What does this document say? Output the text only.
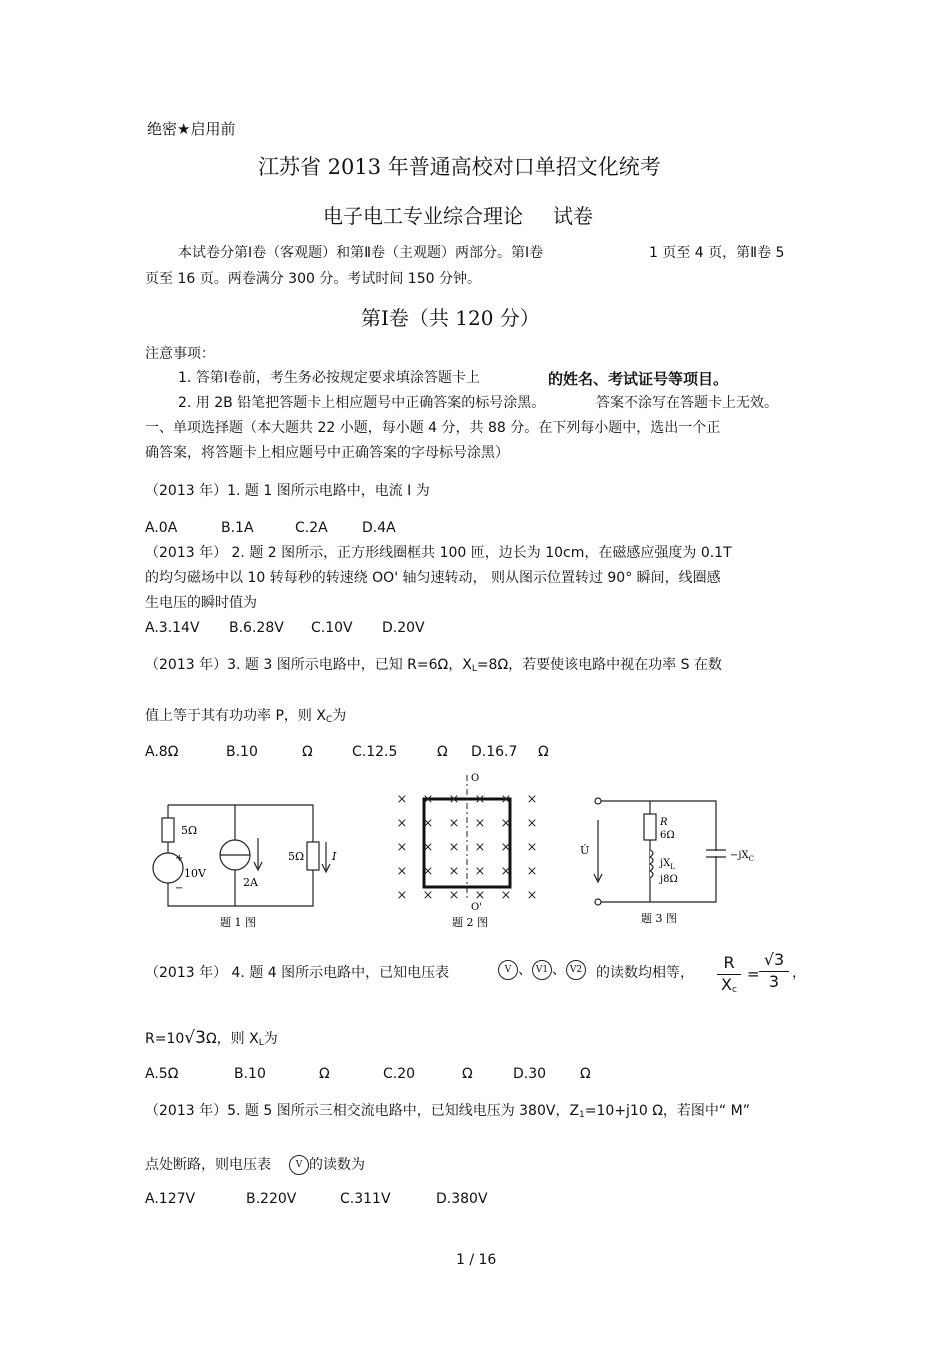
绝密★启用前
江苏省 2013 年普通高校对口单招文化统考
电子电工专业综合理论 试卷
本试卷分第Ⅰ卷（客观题）和第Ⅱ卷（主观题）两部分。第Ⅰ卷	1 页至 4 页，第Ⅱ卷 5
页至 16 页。两卷满分 300 分。考试时间 150 分钟。
第Ⅰ卷（共 120 分）
注意事项：
1. 答第Ⅰ卷前，考生务必按规定要求填涂答题卡上	的姓名、考试证号等项目。
2. 用 2B 铅笔把答题卡上相应题号中正确答案的标号涂黑。	答案不涂写在答题卡上无效。
一、单项选择题（本大题共 22 小题，每小题 4 分，共 88 分。在下列每小题中，选出一个正
确答案，将答题卡上相应题号中正确答案的字母标号涂黑）
（2013 年）1. 题 1 图所示电路中，电流 I 为
A.0A	B.1A	C.2A D.4A
（2013 年） 2. 题 2 图所示，正方形线圈框共 100 匝，边长为 10cm，在磁感应强度为 0.1T
的均匀磁场中以 10 转每秒的转速绕 OO' 轴匀速转动， 则从图示位置转过 90° 瞬间，线圈感
生电压的瞬时值为
A.3.14V B.6.28V C.10V D.20V
（2013 年）3. 题 3 图所示电路中，已知 R=6Ω，$X_L=8\Omega$，若要使该电路中视在功率 S 在数
值上等于其有功功率 P，则 $X_C$为
A.8Ω	B.10	Ω	C.12.5	Ω D.16.7 Ω
5Ω
10V
+
−	2A
5Ω	I
题 1 图
× × × × × ×
× × × × × ×
× × × × × ×
× × × × × ×
× × × × × ×
O
O'
题 2 图
R
6Ω
$jX_L$
j8Ω
U̇	$-jX_C$
题 3 图
（2013 年） 4. 题 4 图所示电路中，已知电压表	V 、 V1 、 V2 的读数均相等， $\frac{R}{X_c} = \frac{√3}{3}$ ，
R=10√3Ω，则 $X_L$为
A.5Ω	B.10	Ω	C.20	Ω	D.30 Ω
（2013 年）5. 题 5 图所示三相交流电路中，已知线电压为 380V，$Z_1=10+j10$ Ω，若图中“ M”
点处断路，则电压表	V 的读数为
A.127V	B.220V	C.311V	D.380V
1 / 16
